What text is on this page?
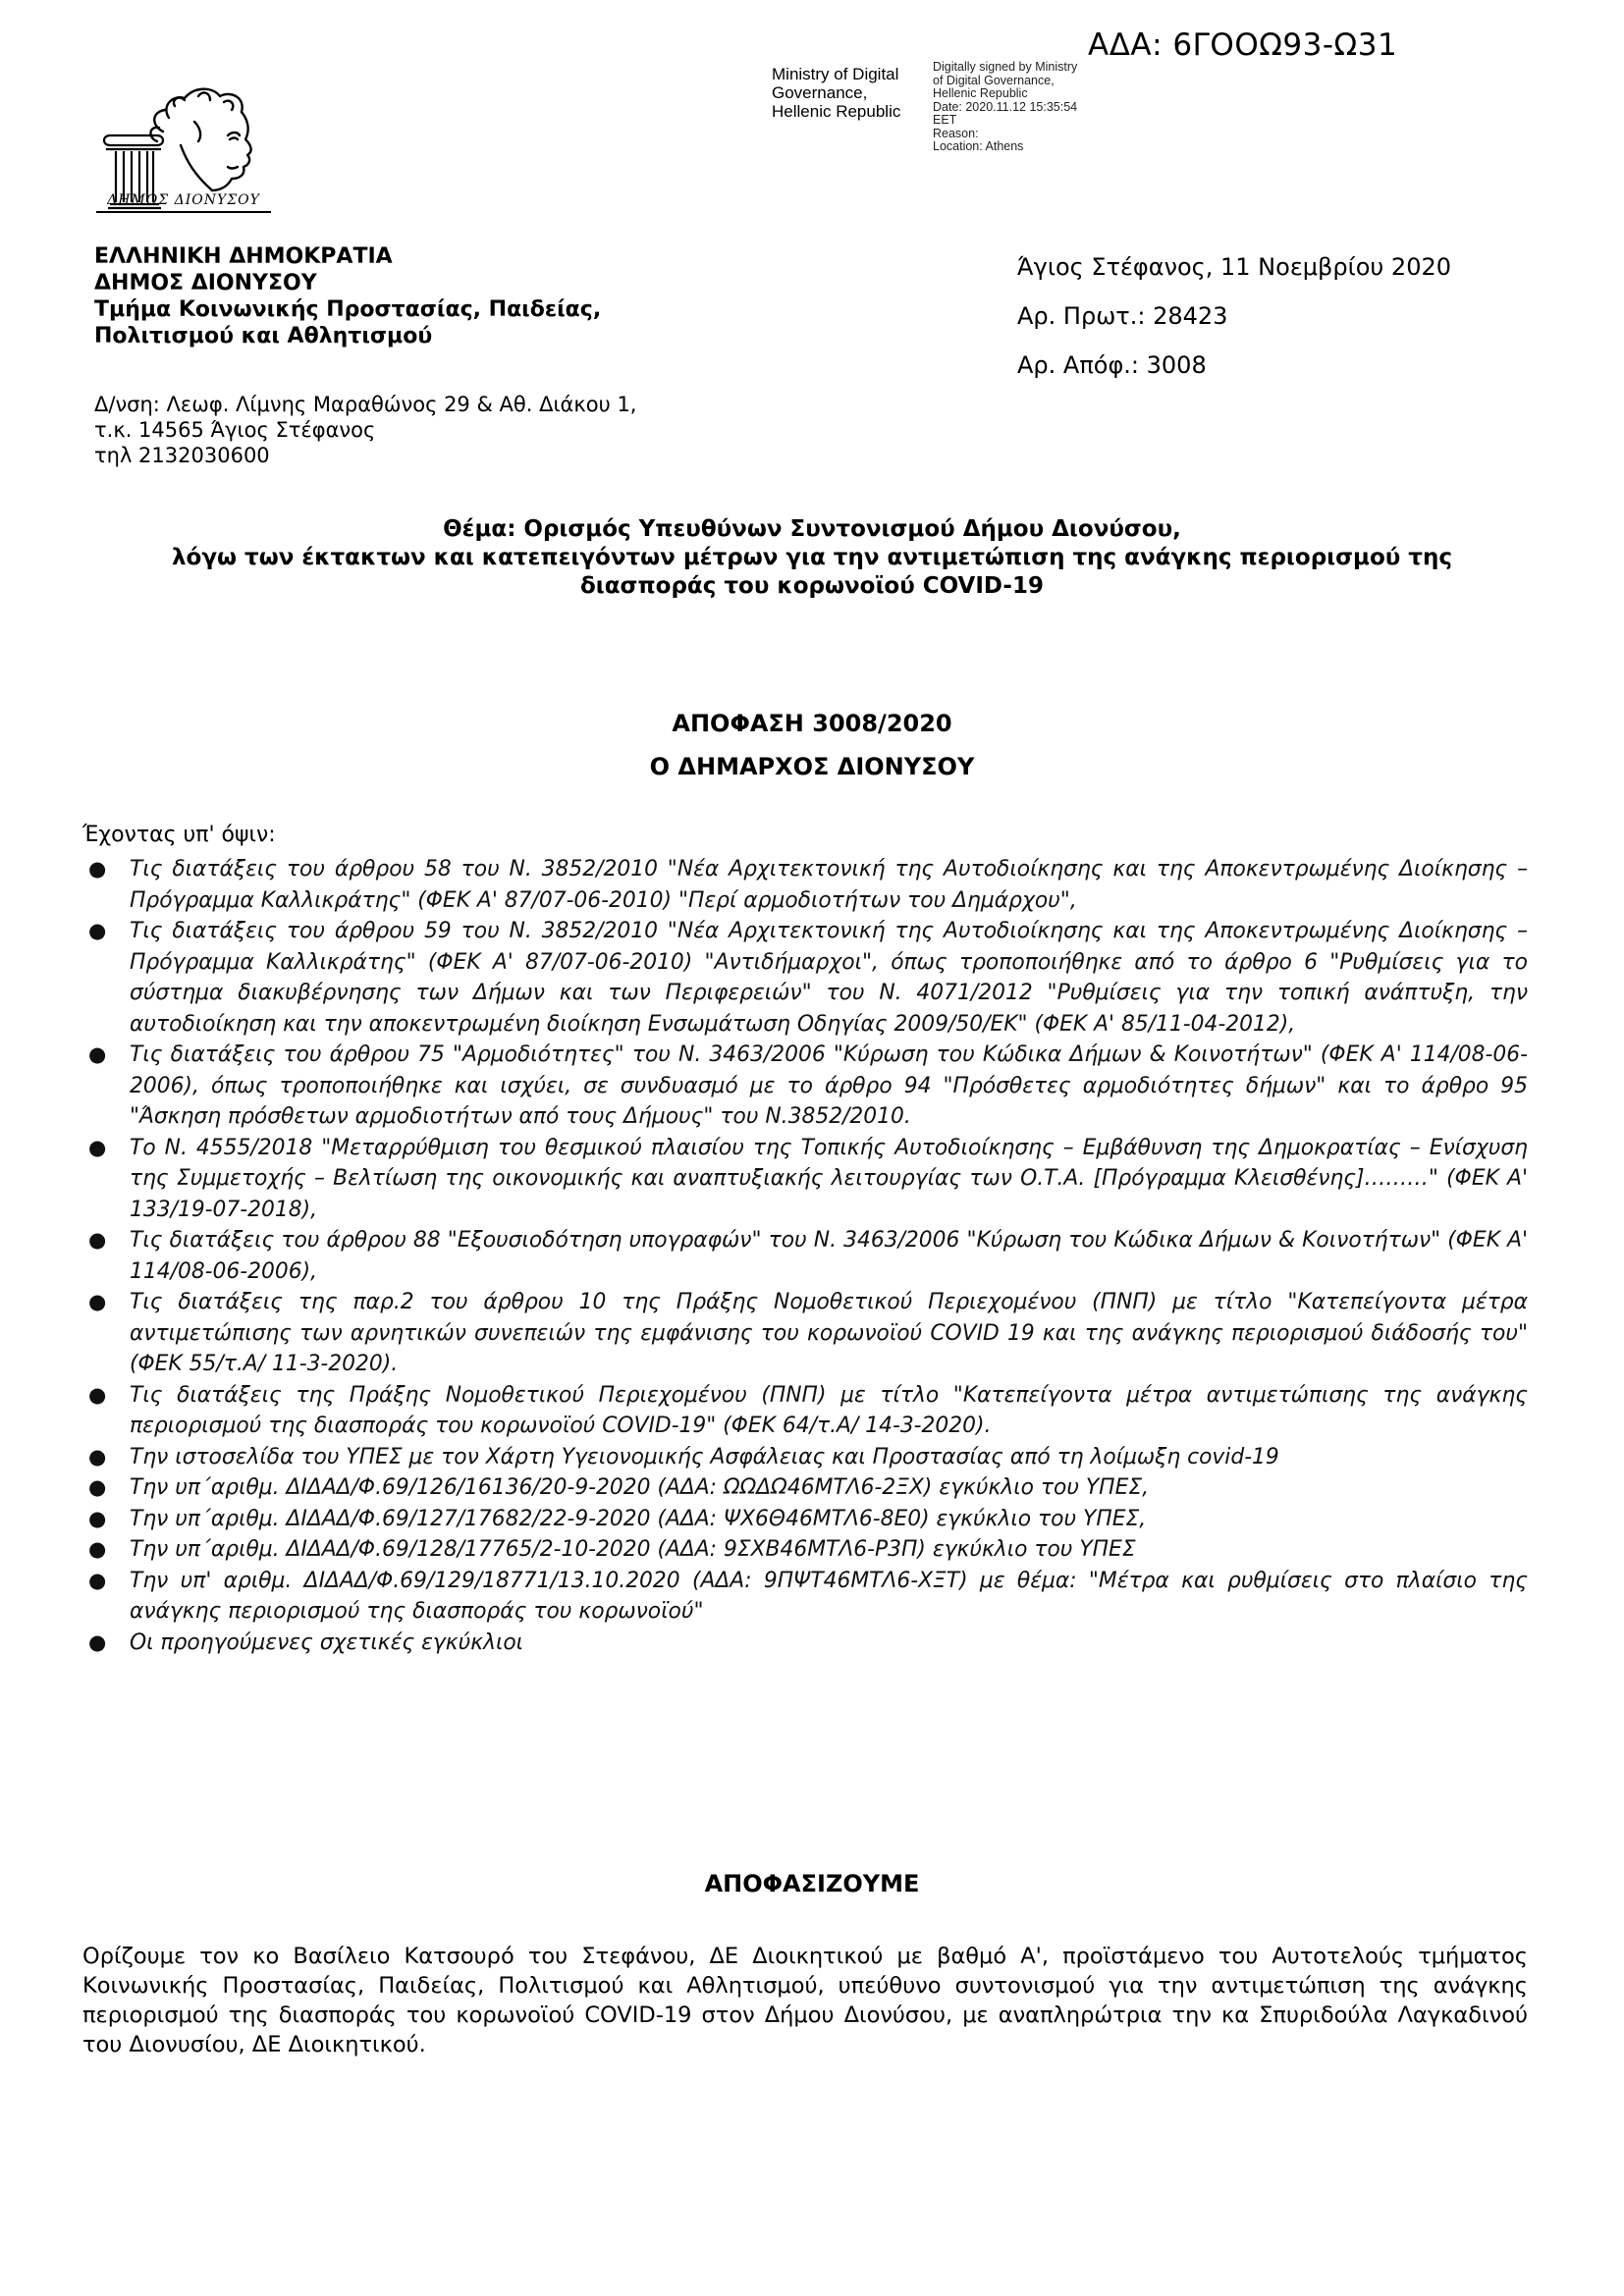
ΑΔΑ: 6ΓΟΟΩ93-Ω31
Ministry of Digital
Governance,
Hellenic Republic
Digitally signed by Ministry
of Digital Governance,
Hellenic Republic
Date: 2020.11.12 15:35:54
EET
Reason:
Location: Athens
ΔΗΜΟΣ ΔΙΟΝΥΣΟΥ
ΕΛΛΗΝΙΚΗ ΔΗΜΟΚΡΑΤΙΑ
ΔΗΜΟΣ ΔΙΟΝΥΣΟΥ
Τμήμα Κοινωνικής Προστασίας, Παιδείας,
Πολιτισμού και Αθλητισμού
Δ/νση: Λεωφ. Λίμνης Μαραθώνος 29 & Αθ. Διάκου 1,
τ.κ. 14565 Άγιος Στέφανος
τηλ 2132030600
Άγιος Στέφανος, 11 Νοεμβρίου 2020
Αρ. Πρωτ.: 28423
Αρ. Απόφ.: 3008
Θέμα: Ορισμός Υπευθύνων Συντονισμού Δήμου Διονύσου,
λόγω των έκτακτων και κατεπειγόντων μέτρων για την αντιμετώπιση της ανάγκης περιορισμού της
διασποράς του κορωνοϊού COVID-19
ΑΠΟΦΑΣΗ 3008/2020
Ο ΔΗΜΑΡΧΟΣ ΔΙΟΝΥΣΟΥ
Έχοντας υπ' όψιν:
● Τις διατάξεις του άρθρου 58 του Ν. 3852/2010 "Νέα Αρχιτεκτονική της Αυτοδιοίκησης και της Αποκεντρωμένης Διοίκησης – Πρόγραμμα Καλλικράτης" (ΦΕΚ Α' 87/07-06-2010) "Περί αρμοδιοτήτων του Δημάρχου",
● Τις διατάξεις του άρθρου 59 του Ν. 3852/2010 "Νέα Αρχιτεκτονική της Αυτοδιοίκησης και της Αποκεντρωμένης Διοίκησης – Πρόγραμμα Καλλικράτης" (ΦΕΚ Α' 87/07-06-2010) "Αντιδήμαρχοι", όπως τροποποιήθηκε από το άρθρο 6 "Ρυθμίσεις για το σύστημα διακυβέρνησης των Δήμων και των Περιφερειών" του Ν. 4071/2012 "Ρυθμίσεις για την τοπική ανάπτυξη, την αυτοδιοίκηση και την αποκεντρωμένη διοίκηση Ενσωμάτωση Οδηγίας 2009/50/ΕΚ" (ΦΕΚ Α' 85/11-04-2012),
● Τις διατάξεις του άρθρου 75 "Αρμοδιότητες" του Ν. 3463/2006 "Κύρωση του Κώδικα Δήμων & Κοινοτήτων" (ΦΕΚ Α' 114/08-06-2006), όπως τροποποιήθηκε και ισχύει, σε συνδυασμό με το άρθρο 94 "Πρόσθετες αρμοδιότητες δήμων" και το άρθρο 95 "Άσκηση πρόσθετων αρμοδιοτήτων από τους Δήμους" του Ν.3852/2010.
● Το Ν. 4555/2018 "Μεταρρύθμιση του θεσμικού πλαισίου της Τοπικής Αυτοδιοίκησης – Εμβάθυνση της Δημοκρατίας – Ενίσχυση της Συμμετοχής – Βελτίωση της οικονομικής και αναπτυξιακής λειτουργίας των Ο.Τ.Α. [Πρόγραμμα Κλεισθένης]………" (ΦΕΚ Α' 133/19-07-2018),
● Τις διατάξεις του άρθρου 88 "Εξουσιοδότηση υπογραφών" του Ν. 3463/2006 "Κύρωση του Κώδικα Δήμων & Κοινοτήτων" (ΦΕΚ Α' 114/08-06-2006),
● Τις διατάξεις της παρ.2 του άρθρου 10 της Πράξης Νομοθετικού Περιεχομένου (ΠΝΠ) με τίτλο "Κατεπείγοντα μέτρα αντιμετώπισης των αρνητικών συνεπειών της εμφάνισης του κορωνοϊού COVID 19 και της ανάγκης περιορισμού διάδοσής του" (ΦΕΚ 55/τ.Α/ 11-3-2020).
● Τις διατάξεις της Πράξης Νομοθετικού Περιεχομένου (ΠΝΠ) με τίτλο "Κατεπείγοντα μέτρα αντιμετώπισης της ανάγκης περιορισμού της διασποράς του κορωνοϊού COVID-19" (ΦΕΚ 64/τ.Α/ 14-3-2020).
● Την ιστοσελίδα του ΥΠΕΣ με τον Χάρτη Υγειονομικής Ασφάλειας και Προστασίας από τη λοίμωξη covid-19
● Την υπ΄αριθμ. ΔΙΔΑΔ/Φ.69/126/16136/20-9-2020 (ΑΔΑ: ΩΩΔΩ46ΜΤΛ6-2ΞΧ) εγκύκλιο του ΥΠΕΣ,
● Την υπ΄αριθμ. ΔΙΔΑΔ/Φ.69/127/17682/22-9-2020 (ΑΔΑ: ΨΧ6Θ46ΜΤΛ6-8Ε0) εγκύκλιο του ΥΠΕΣ,
● Την υπ΄αριθμ. ΔΙΔΑΔ/Φ.69/128/17765/2-10-2020 (ΑΔΑ: 9ΣΧΒ46ΜΤΛ6-Ρ3Π) εγκύκλιο του ΥΠΕΣ
● Την υπ' αριθμ. ΔΙΔΑΔ/Φ.69/129/18771/13.10.2020 (ΑΔΑ: 9ΠΨΤ46ΜΤΛ6-ΧΞΤ) με θέμα: "Μέτρα και ρυθμίσεις στο πλαίσιο της ανάγκης περιορισμού της διασποράς του κορωνοϊού"
● Οι προηγούμενες σχετικές εγκύκλιοι
ΑΠΟΦΑΣΙΖΟΥΜΕ
Ορίζουμε τον κο Βασίλειο Κατσουρό του Στεφάνου, ΔΕ Διοικητικού με βαθμό Α', προϊστάμενο του Αυτοτελούς τμήματος Κοινωνικής Προστασίας, Παιδείας, Πολιτισμού και Αθλητισμού, υπεύθυνο συντονισμού για την αντιμετώπιση της ανάγκης περιορισμού της διασποράς του κορωνοϊού COVID-19 στον Δήμου Διονύσου, με αναπληρώτρια την κα Σπυριδούλα Λαγκαδινού του Διονυσίου, ΔΕ Διοικητικού.
